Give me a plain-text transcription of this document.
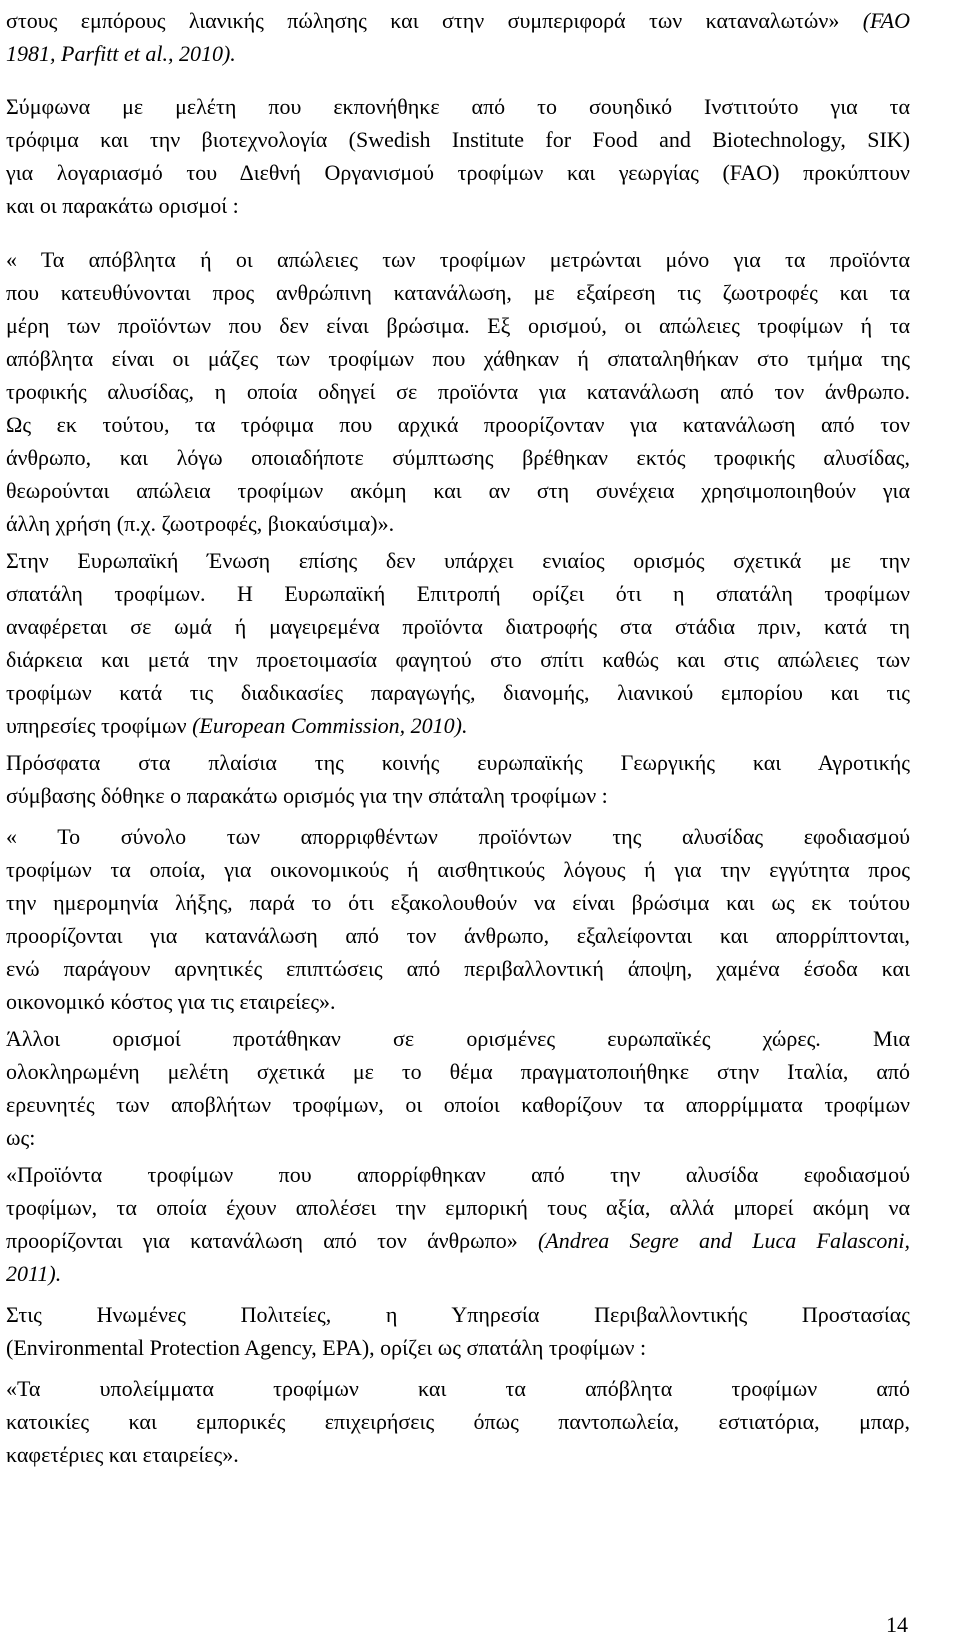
στους εμπόρους λιανικής πώλησης και στην συμπεριφορά των καταναλωτών» (FAO
1981, Parfitt et al., 2010).
Σύμφωνα με μελέτη που εκπονήθηκε από το σουηδικό Ινστιτούτο για τα
τρόφιμα και την βιοτεχνολογία (Swedish Institute for Food and Biotechnology, SIK)
για λογαριασμό του Διεθνή Οργανισμού τροφίμων και γεωργίας (FAO) προκύπτουν
και οι παρακάτω ορισμοί :
« Τα απόβλητα ή οι απώλειες των τροφίμων μετρώνται μόνο για τα προϊόντα
που κατευθύνονται προς ανθρώπινη κατανάλωση, με εξαίρεση τις ζωοτροφές και τα
μέρη των προϊόντων που δεν είναι βρώσιμα. Εξ ορισμού, οι απώλειες τροφίμων ή τα
απόβλητα είναι οι μάζες των τροφίμων που χάθηκαν ή σπαταληθήκαν στο τμήμα της
τροφικής αλυσίδας, η οποία οδηγεί σε προϊόντα για κατανάλωση από τον άνθρωπο.
Ως εκ τούτου, τα τρόφιμα που αρχικά προορίζονταν για κατανάλωση από τον
άνθρωπο, και λόγω οποιαδήποτε σύμπτωσης βρέθηκαν εκτός τροφικής αλυσίδας,
θεωρούνται απώλεια τροφίμων ακόμη και αν στη συνέχεια χρησιμοποιηθούν για
άλλη χρήση (π.χ. ζωοτροφές, βιοκαύσιμα)».
Στην Ευρωπαϊκή Ένωση επίσης δεν υπάρχει ενιαίος ορισμός σχετικά με την
σπατάλη τροφίμων. Η Ευρωπαϊκή Επιτροπή ορίζει ότι η σπατάλη τροφίμων
αναφέρεται σε ωμά ή μαγειρεμένα προϊόντα διατροφής στα στάδια πριν, κατά τη
διάρκεια και μετά την προετοιμασία φαγητού στο σπίτι καθώς και στις απώλειες των
τροφίμων κατά τις διαδικασίες παραγωγής, διανομής, λιανικού εμπορίου και τις
υπηρεσίες τροφίμων (European Commission, 2010).
Πρόσφατα στα πλαίσια της κοινής ευρωπαϊκής Γεωργικής και Αγροτικής
σύμβασης δόθηκε ο παρακάτω ορισμός για την σπάταλη τροφίμων :
« Το σύνολο των απορριφθέντων προϊόντων της αλυσίδας εφοδιασμού
τροφίμων τα οποία, για οικονομικούς ή αισθητικούς λόγους ή για την εγγύτητα προς
την ημερομηνία λήξης, παρά το ότι εξακολουθούν να είναι βρώσιμα και ως εκ τούτου
προορίζονται για κατανάλωση από τον άνθρωπο, εξαλείφονται και απορρίπτονται,
ενώ παράγουν αρνητικές επιπτώσεις από περιβαλλοντική άποψη, χαμένα έσοδα και
οικονομικό κόστος για τις εταιρείες».
Άλλοι ορισμοί προτάθηκαν σε ορισμένες ευρωπαϊκές χώρες. Μια
ολοκληρωμένη μελέτη σχετικά με το θέμα πραγματοποιήθηκε στην Ιταλία, από
ερευνητές των αποβλήτων τροφίμων, οι οποίοι καθορίζουν τα απορρίμματα τροφίμων
ως:
«Προϊόντα τροφίμων που απορρίφθηκαν από την αλυσίδα εφοδιασμού
τροφίμων, τα οποία έχουν απολέσει την εμπορική τους αξία, αλλά μπορεί ακόμη να
προορίζονται για κατανάλωση από τον άνθρωπο» (Andrea Segre and Luca Falasconi,
2011).
Στις Ηνωμένες Πολιτείες, η Υπηρεσία Περιβαλλοντικής Προστασίας
(Environmental Protection Agency, EPA), ορίζει ως σπατάλη τροφίμων :
«Τα υπολείμματα τροφίμων και τα απόβλητα τροφίμων από
κατοικίες και εμπορικές επιχειρήσεις όπως παντοπωλεία, εστιατόρια, μπαρ,
καφετέριες και εταιρείες».
14
